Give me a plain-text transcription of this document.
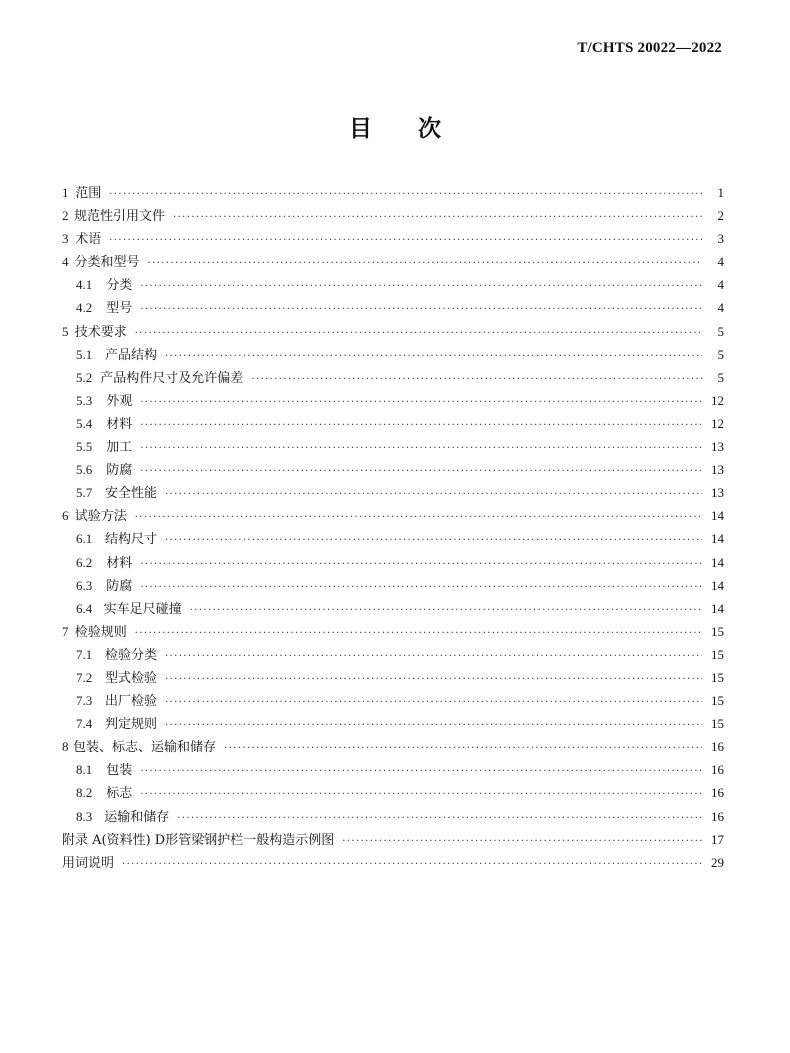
T/CHTS 20022—2022
目 次
1 范围 ·····	1
2 规范性引用文件 ·····	2
3 术语 ·····	3
4 分类和型号 ·····	4
4.1	分类 ·····	4
4.2	型号 ·····	4
5 技术要求 ·····	5
5.1 产品结构 ·····	5
5.2 产品构件尺寸及允许偏差 ·····	5
5.3	外观 ·····	12
5.4	材料 ·····	12
5.5	加工 ·····	13
5.6	防腐 ·····	13
5.7 安全性能 ·····	13
6 试验方法 ·····	14
6.1 结构尺寸 ·····	14
6.2	材料 ·····	14
6.3	防腐 ·····	14
6.4 实车足尺碰撞 ·····	14
7 检验规则 ·····	15
7.1 检验分类 ·····	15
7.2 型式检验 ·····	15
7.3 出厂检验 ·····	15
7.4 判定规则 ·····	15
8 包装、标志、运输和储存 ·····	16
8.1	包装 ·····	16
8.2	标志 ·····	16
8.3 运输和储存 ·····	16
附录 A(资料性) D形管梁钢护栏一般构造示例图 ·····	17
用词说明 ·····	29
